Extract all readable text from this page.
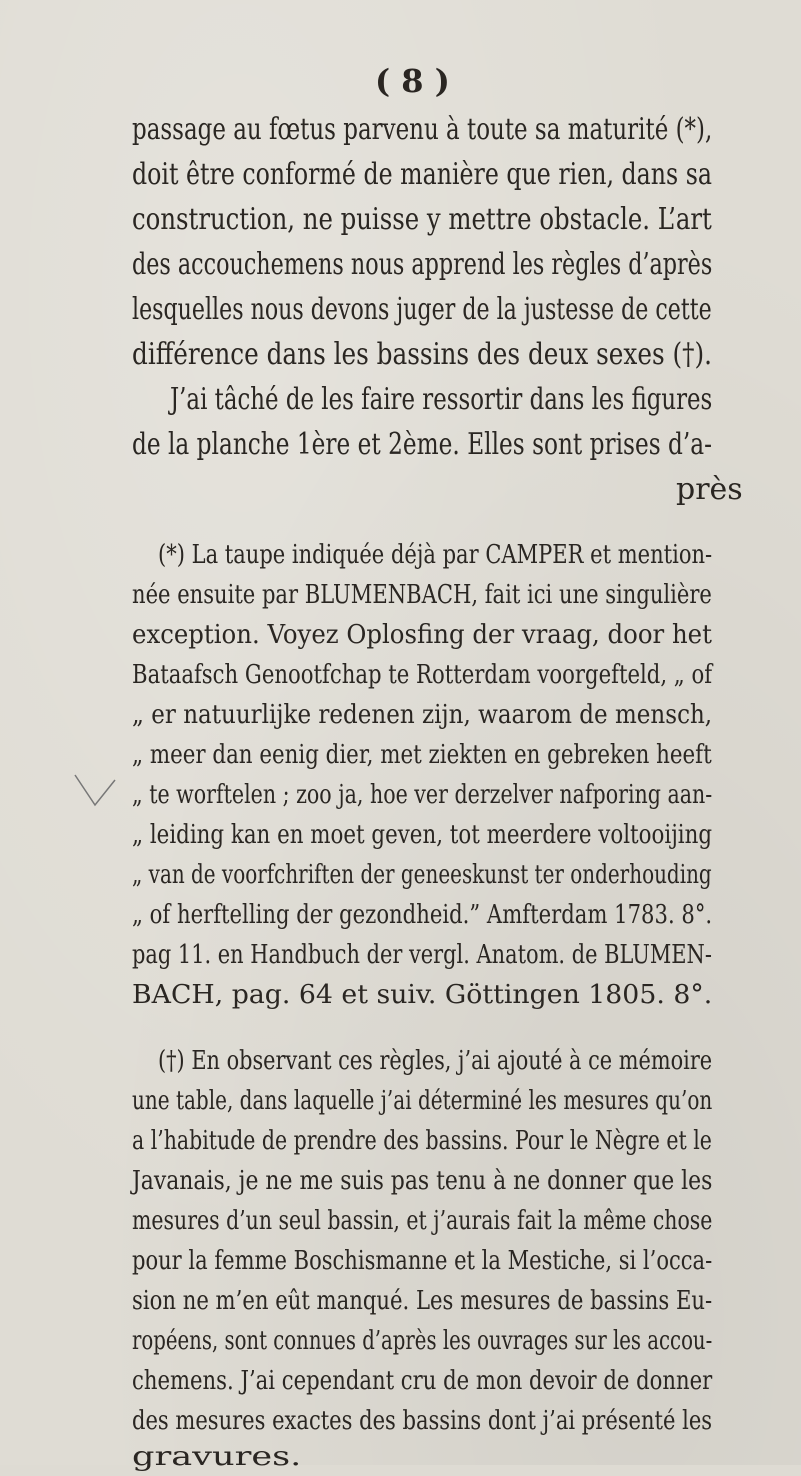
( 8 )
passage au fœtus parvenu à toute sa maturité (*),
doit être conformé de manière que rien, dans sa
construction, ne puisse y mettre obstacle. L’art
des accouchemens nous apprend les règles d’après
lesquelles nous devons juger de la justesse de cette
différence dans les bassins des deux sexes (†).
J’ai tâché de les faire ressortir dans les figures
de la planche 1ère et 2ème. Elles sont prises d’a-
près
(*) La taupe indiquée déjà par CAMPER et mention-
née ensuite par BLUMENBACH, fait ici une singulière
exception. Voyez Oplosfing der vraag, door het
Bataafsch Genootfchap te Rotterdam voorgefteld, „ of
„ er natuurlijke redenen zijn, waarom de mensch,
„ meer dan eenig dier, met ziekten en gebreken heeft
„ te worftelen ; zoo ja, hoe ver derzelver nafporing aan-
„ leiding kan en moet geven, tot meerdere voltooijing
„ van de voorfchriften der geneeskunst ter onderhouding
„ of herftelling der gezondheid.” Amfterdam 1783. 8°.
pag 11. en Handbuch der vergl. Anatom. de BLUMEN-
BACH, pag. 64 et suiv. Göttingen 1805. 8°.
(†) En observant ces règles, j’ai ajouté à ce mémoire
une table, dans laquelle j’ai déterminé les mesures qu’on
a l’habitude de prendre des bassins. Pour le Nègre et le
Javanais, je ne me suis pas tenu à ne donner que les
mesures d’un seul bassin, et j’aurais fait la même chose
pour la femme Boschismanne et la Mestiche, si l’occa-
sion ne m’en eût manqué. Les mesures de bassins Eu-
ropéens, sont connues d’après les ouvrages sur les accou-
chemens. J’ai cependant cru de mon devoir de donner
des mesures exactes des bassins dont j’ai présenté les
gravures.
